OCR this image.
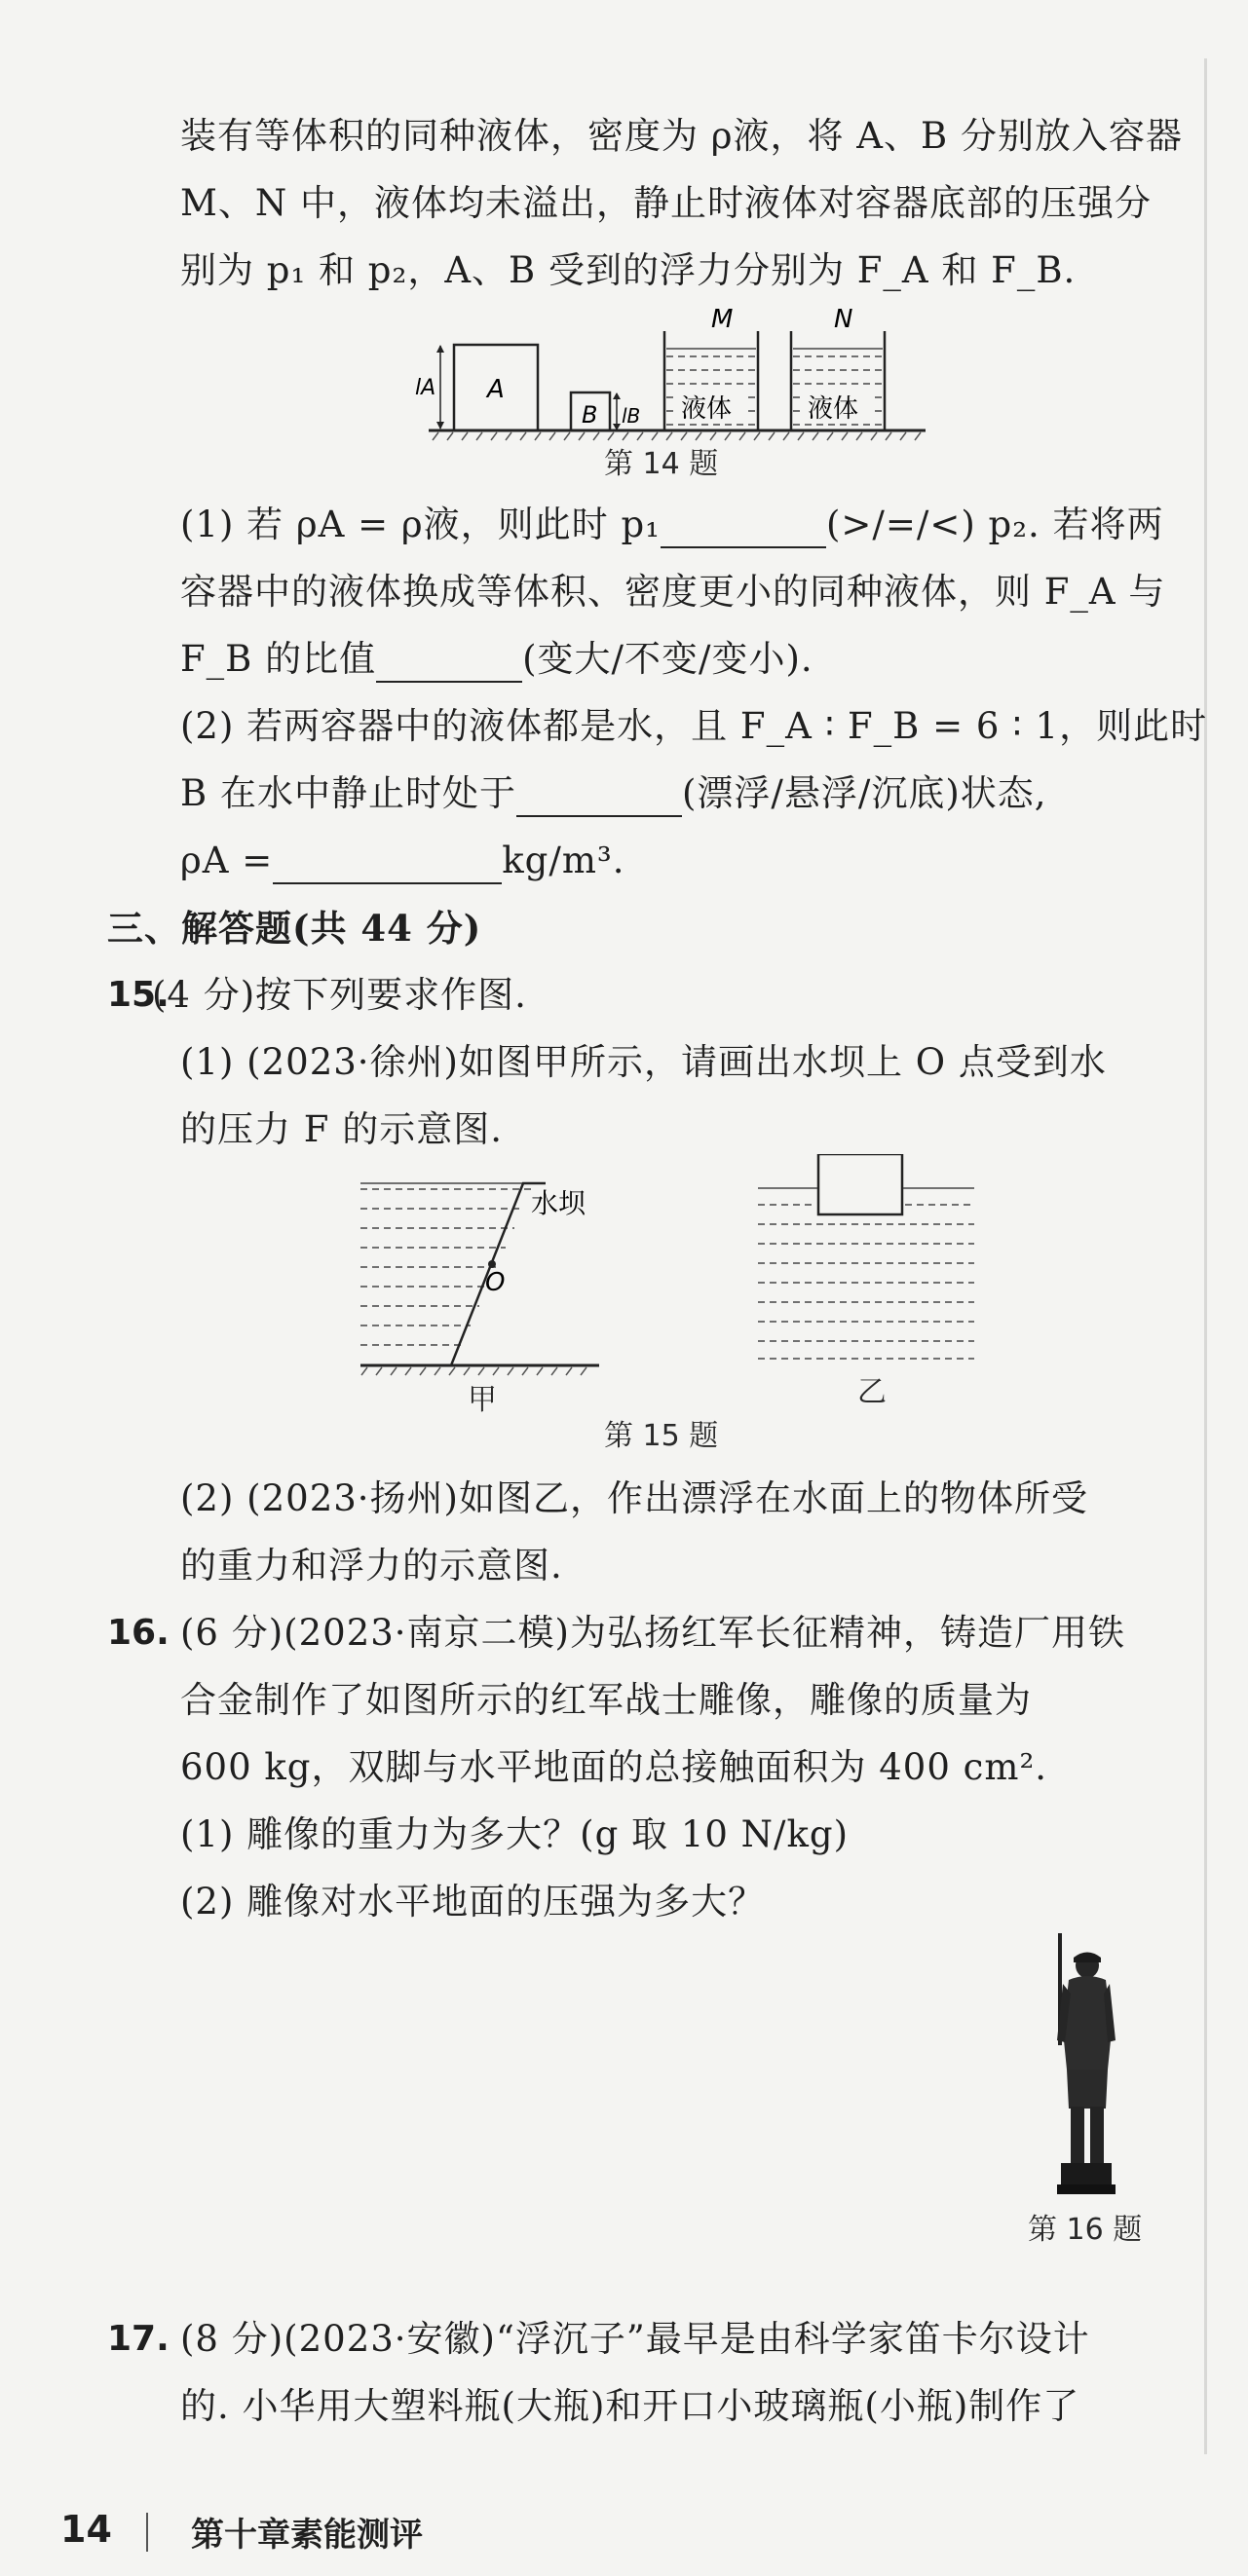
装有等体积的同种液体，密度为 ρ液，将 A、B 分别放入容器
M、N 中，液体均未溢出，静止时液体对容器底部的压强分
别为 p₁ 和 p₂，A、B 受到的浮力分别为 F_A 和 F_B.
lA A
B lB
M
液体
N
液体
第 14 题
(1) 若 ρA = ρ液，则此时 p₁	(>/=/<) p₂. 若将两
容器中的液体换成等体积、密度更小的同种液体，则 F_A 与
F_B 的比值	(变大/不变/变小).
(2) 若两容器中的液体都是水，且 F_A ∶ F_B = 6 ∶ 1，则此时
B 在水中静止时处于	(漂浮/悬浮/沉底)状态,
ρA =	kg/m³.
三、解答题(共 44 分)
15.
(4 分)按下列要求作图.
(1) (2023·徐州)如图甲所示，请画出水坝上 O 点受到水
的压力 F 的示意图.
O
水坝
甲	乙
第 15 题
(2) (2023·扬州)如图乙，作出漂浮在水面上的物体所受
的重力和浮力的示意图.
16. (6 分)(2023·南京二模)为弘扬红军长征精神，铸造厂用铁
合金制作了如图所示的红军战士雕像，雕像的质量为
600 kg，双脚与水平地面的总接触面积为 400 cm².
(1) 雕像的重力为多大？(g 取 10 N/kg)
(2) 雕像对水平地面的压强为多大？
第 16 题
17. (8 分)(2023·安徽)“浮沉子”最早是由科学家笛卡尔设计
的. 小华用大塑料瓶(大瓶)和开口小玻璃瓶(小瓶)制作了
14 第十章素能测评
